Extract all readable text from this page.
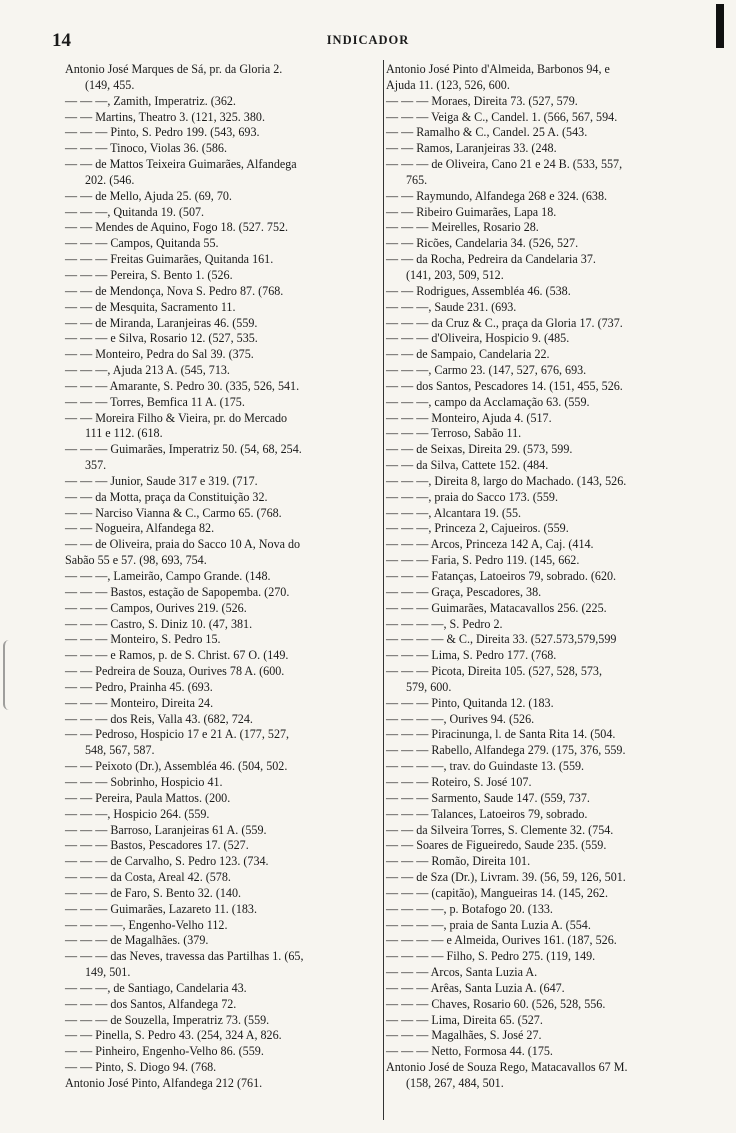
14	INDICADOR
Antonio José Marques de Sá, pr. da Gloria 2.
(149, 455.
— — —, Zamith, Imperatriz. (362.
— — Martins, Theatro 3. (121, 325. 380.
— — — Pinto, S. Pedro 199. (543, 693.
— — — Tinoco, Violas 36. (586.
— — de Mattos Teixeira Guimarães, Alfandega
202. (546.
— — de Mello, Ajuda 25. (69, 70.
— — —, Quitanda 19. (507.
— — Mendes de Aquino, Fogo 18. (527. 752.
— — — Campos, Quitanda 55.
— — — Freitas Guimarães, Quitanda 161.
— — — Pereira, S. Bento 1. (526.
— — de Mendonça, Nova S. Pedro 87. (768.
— — de Mesquita, Sacramento 11.
— — de Miranda, Laranjeiras 46. (559.
— — — e Silva, Rosario 12. (527, 535.
— — Monteiro, Pedra do Sal 39. (375.
— — —, Ajuda 213 A. (545, 713.
— — — Amarante, S. Pedro 30. (335, 526, 541.
— — — Torres, Bemfica 11 A. (175.
— — Moreira Filho & Vieira, pr. do Mercado
111 e 112. (618.
— — — Guimarães, Imperatriz 50. (54, 68, 254.
357.
— — — Junior, Saude 317 e 319. (717.
— — da Motta, praça da Constituição 32.
— — Narciso Vianna & C., Carmo 65. (768.
— — Nogueira, Alfandega 82.
— — de Oliveira, praia do Sacco 10 A, Nova do
Sabão 55 e 57. (98, 693, 754.
— — —, Lameirão, Campo Grande. (148.
— — — Bastos, estação de Sapopemba. (270.
— — — Campos, Ourives 219. (526.
— — — Castro, S. Diniz 10. (47, 381.
— — — Monteiro, S. Pedro 15.
— — — e Ramos, p. de S. Christ. 67 O. (149.
— — Pedreira de Souza, Ourives 78 A. (600.
— — Pedro, Prainha 45. (693.
— — — Monteiro, Direita 24.
— — — dos Reis, Valla 43. (682, 724.
— — Pedroso, Hospicio 17 e 21 A. (177, 527,
548, 567, 587.
— — Peixoto (Dr.), Assembléa 46. (504, 502.
— — — Sobrinho, Hospicio 41.
— — Pereira, Paula Mattos. (200.
— — —, Hospicio 264. (559.
— — — Barroso, Laranjeiras 61 A. (559.
— — — Bastos, Pescadores 17. (527.
— — — de Carvalho, S. Pedro 123. (734.
— — — da Costa, Areal 42. (578.
— — — de Faro, S. Bento 32. (140.
— — — Guimarães, Lazareto 11. (183.
— — — —, Engenho-Velho 112.
— — — de Magalhães. (379.
— — — das Neves, travessa das Partilhas 1. (65,
149, 501.
— — —, de Santiago, Candelaria 43.
— — — dos Santos, Alfandega 72.
— — — de Souzella, Imperatriz 73. (559.
— — Pinella, S. Pedro 43. (254, 324 A, 826.
— — Pinheiro, Engenho-Velho 86. (559.
— — Pinto, S. Diogo 94. (768.
Antonio José Pinto, Alfandega 212 (761.
Antonio José Pinto d'Almeida, Barbonos 94, e
Ajuda 11. (123, 526, 600.
— — — Moraes, Direita 73. (527, 579.
— — — Veiga & C., Candel. 1. (566, 567, 594.
— — Ramalho & C., Candel. 25 A. (543.
— — Ramos, Laranjeiras 33. (248.
— — — de Oliveira, Cano 21 e 24 B. (533, 557,
765.
— — Raymundo, Alfandega 268 e 324. (638.
— — Ribeiro Guimarães, Lapa 18.
— — — Meirelles, Rosario 28.
— — Ricões, Candelaria 34. (526, 527.
— — da Rocha, Pedreira da Candelaria 37.
(141, 203, 509, 512.
— — Rodrigues, Assembléa 46. (538.
— — —, Saude 231. (693.
— — — da Cruz & C., praça da Gloria 17. (737.
— — — d'Oliveira, Hospicio 9. (485.
— — de Sampaio, Candelaria 22.
— — —, Carmo 23. (147, 527, 676, 693.
— — dos Santos, Pescadores 14. (151, 455, 526.
— — —, campo da Acclamação 63. (559.
— — — Monteiro, Ajuda 4. (517.
— — — Terroso, Sabão 11.
— — de Seixas, Direita 29. (573, 599.
— — da Silva, Cattete 152. (484.
— — —, Direita 8, largo do Machado. (143, 526.
— — —, praia do Sacco 173. (559.
— — —, Alcantara 19. (55.
— — —, Princeza 2, Cajueiros. (559.
— — — Arcos, Princeza 142 A, Caj. (414.
— — — Faria, S. Pedro 119. (145, 662.
— — — Fatanças, Latoeiros 79, sobrado. (620.
— — — Graça, Pescadores, 38.
— — — Guimarães, Matacavallos 256. (225.
— — — —, S. Pedro 2.
— — — — & C., Direita 33. (527.573,579,599
— — — Lima, S. Pedro 177. (768.
— — — Picota, Direita 105. (527, 528, 573,
579, 600.
— — — Pinto, Quitanda 12. (183.
— — — —, Ourives 94. (526.
— — — Piracinunga, l. de Santa Rita 14. (504.
— — — Rabello, Alfandega 279. (175, 376, 559.
— — — —, trav. do Guindaste 13. (559.
— — — Roteiro, S. José 107.
— — — Sarmento, Saude 147. (559, 737.
— — — Talances, Latoeiros 79, sobrado.
— — da Silveira Torres, S. Clemente 32. (754.
— — Soares de Figueiredo, Saude 235. (559.
— — — Romão, Direita 101.
— — de Sza (Dr.), Livram. 39. (56, 59, 126, 501.
— — — (capitão), Mangueiras 14. (145, 262.
— — — —, p. Botafogo 20. (133.
— — — —, praia de Santa Luzia A. (554.
— — — — e Almeida, Ourives 161. (187, 526.
— — — — Filho, S. Pedro 275. (119, 149.
— — — Arcos, Santa Luzia A.
— — — Arêas, Santa Luzia A. (647.
— — — Chaves, Rosario 60. (526, 528, 556.
— — — Lima, Direita 65. (527.
— — — Magalhães, S. José 27.
— — — Netto, Formosa 44. (175.
Antonio José de Souza Rego, Matacavallos 67 M.
(158, 267, 484, 501.
